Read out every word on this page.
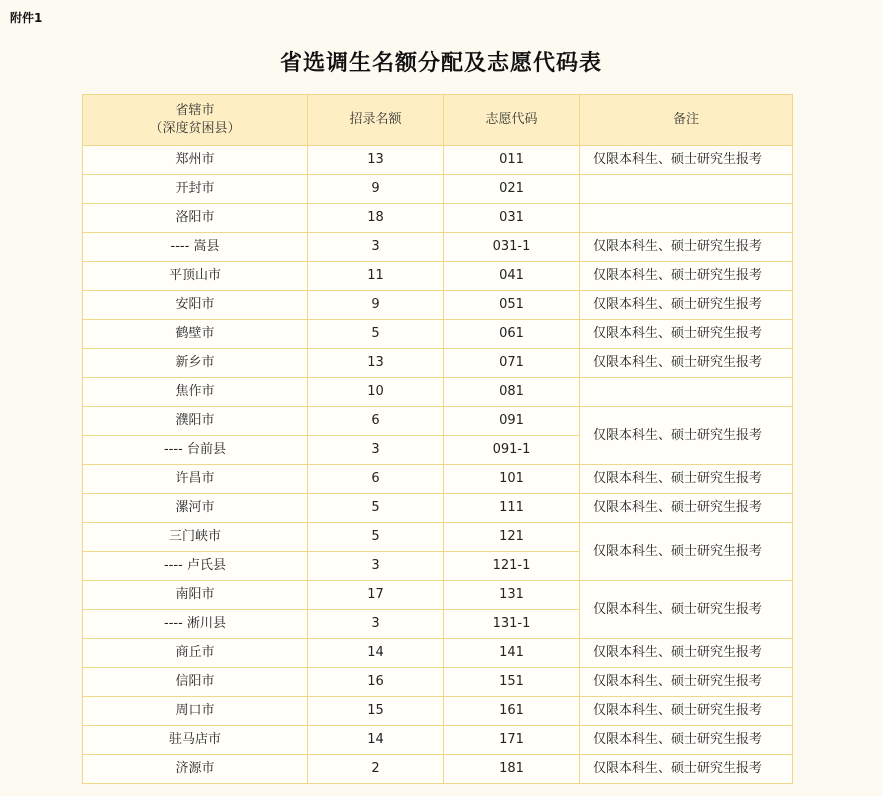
附件1
省选调生名额分配及志愿代码表
省辖市
（深度贫困县）	招录名额	志愿代码	备注
郑州市	13	011	仅限本科生、硕士研究生报考
开封市	9	021	
洛阳市	18	031	
---- 嵩县	3	031-1	仅限本科生、硕士研究生报考
平顶山市	11	041	仅限本科生、硕士研究生报考
安阳市	9	051	仅限本科生、硕士研究生报考
鹤壁市	5	061	仅限本科生、硕士研究生报考
新乡市	13	071	仅限本科生、硕士研究生报考
焦作市	10	081	
濮阳市	6	091	仅限本科生、硕士研究生报考
---- 台前县	3	091-1	
许昌市	6	101	仅限本科生、硕士研究生报考
漯河市	5	111	仅限本科生、硕士研究生报考
三门峡市	5	121	仅限本科生、硕士研究生报考
---- 卢氏县	3	121-1	
南阳市	17	131	仅限本科生、硕士研究生报考
---- 淅川县	3	131-1	
商丘市	14	141	仅限本科生、硕士研究生报考
信阳市	16	151	仅限本科生、硕士研究生报考
周口市	15	161	仅限本科生、硕士研究生报考
驻马店市	14	171	仅限本科生、硕士研究生报考
济源市	2	181	仅限本科生、硕士研究生报考
